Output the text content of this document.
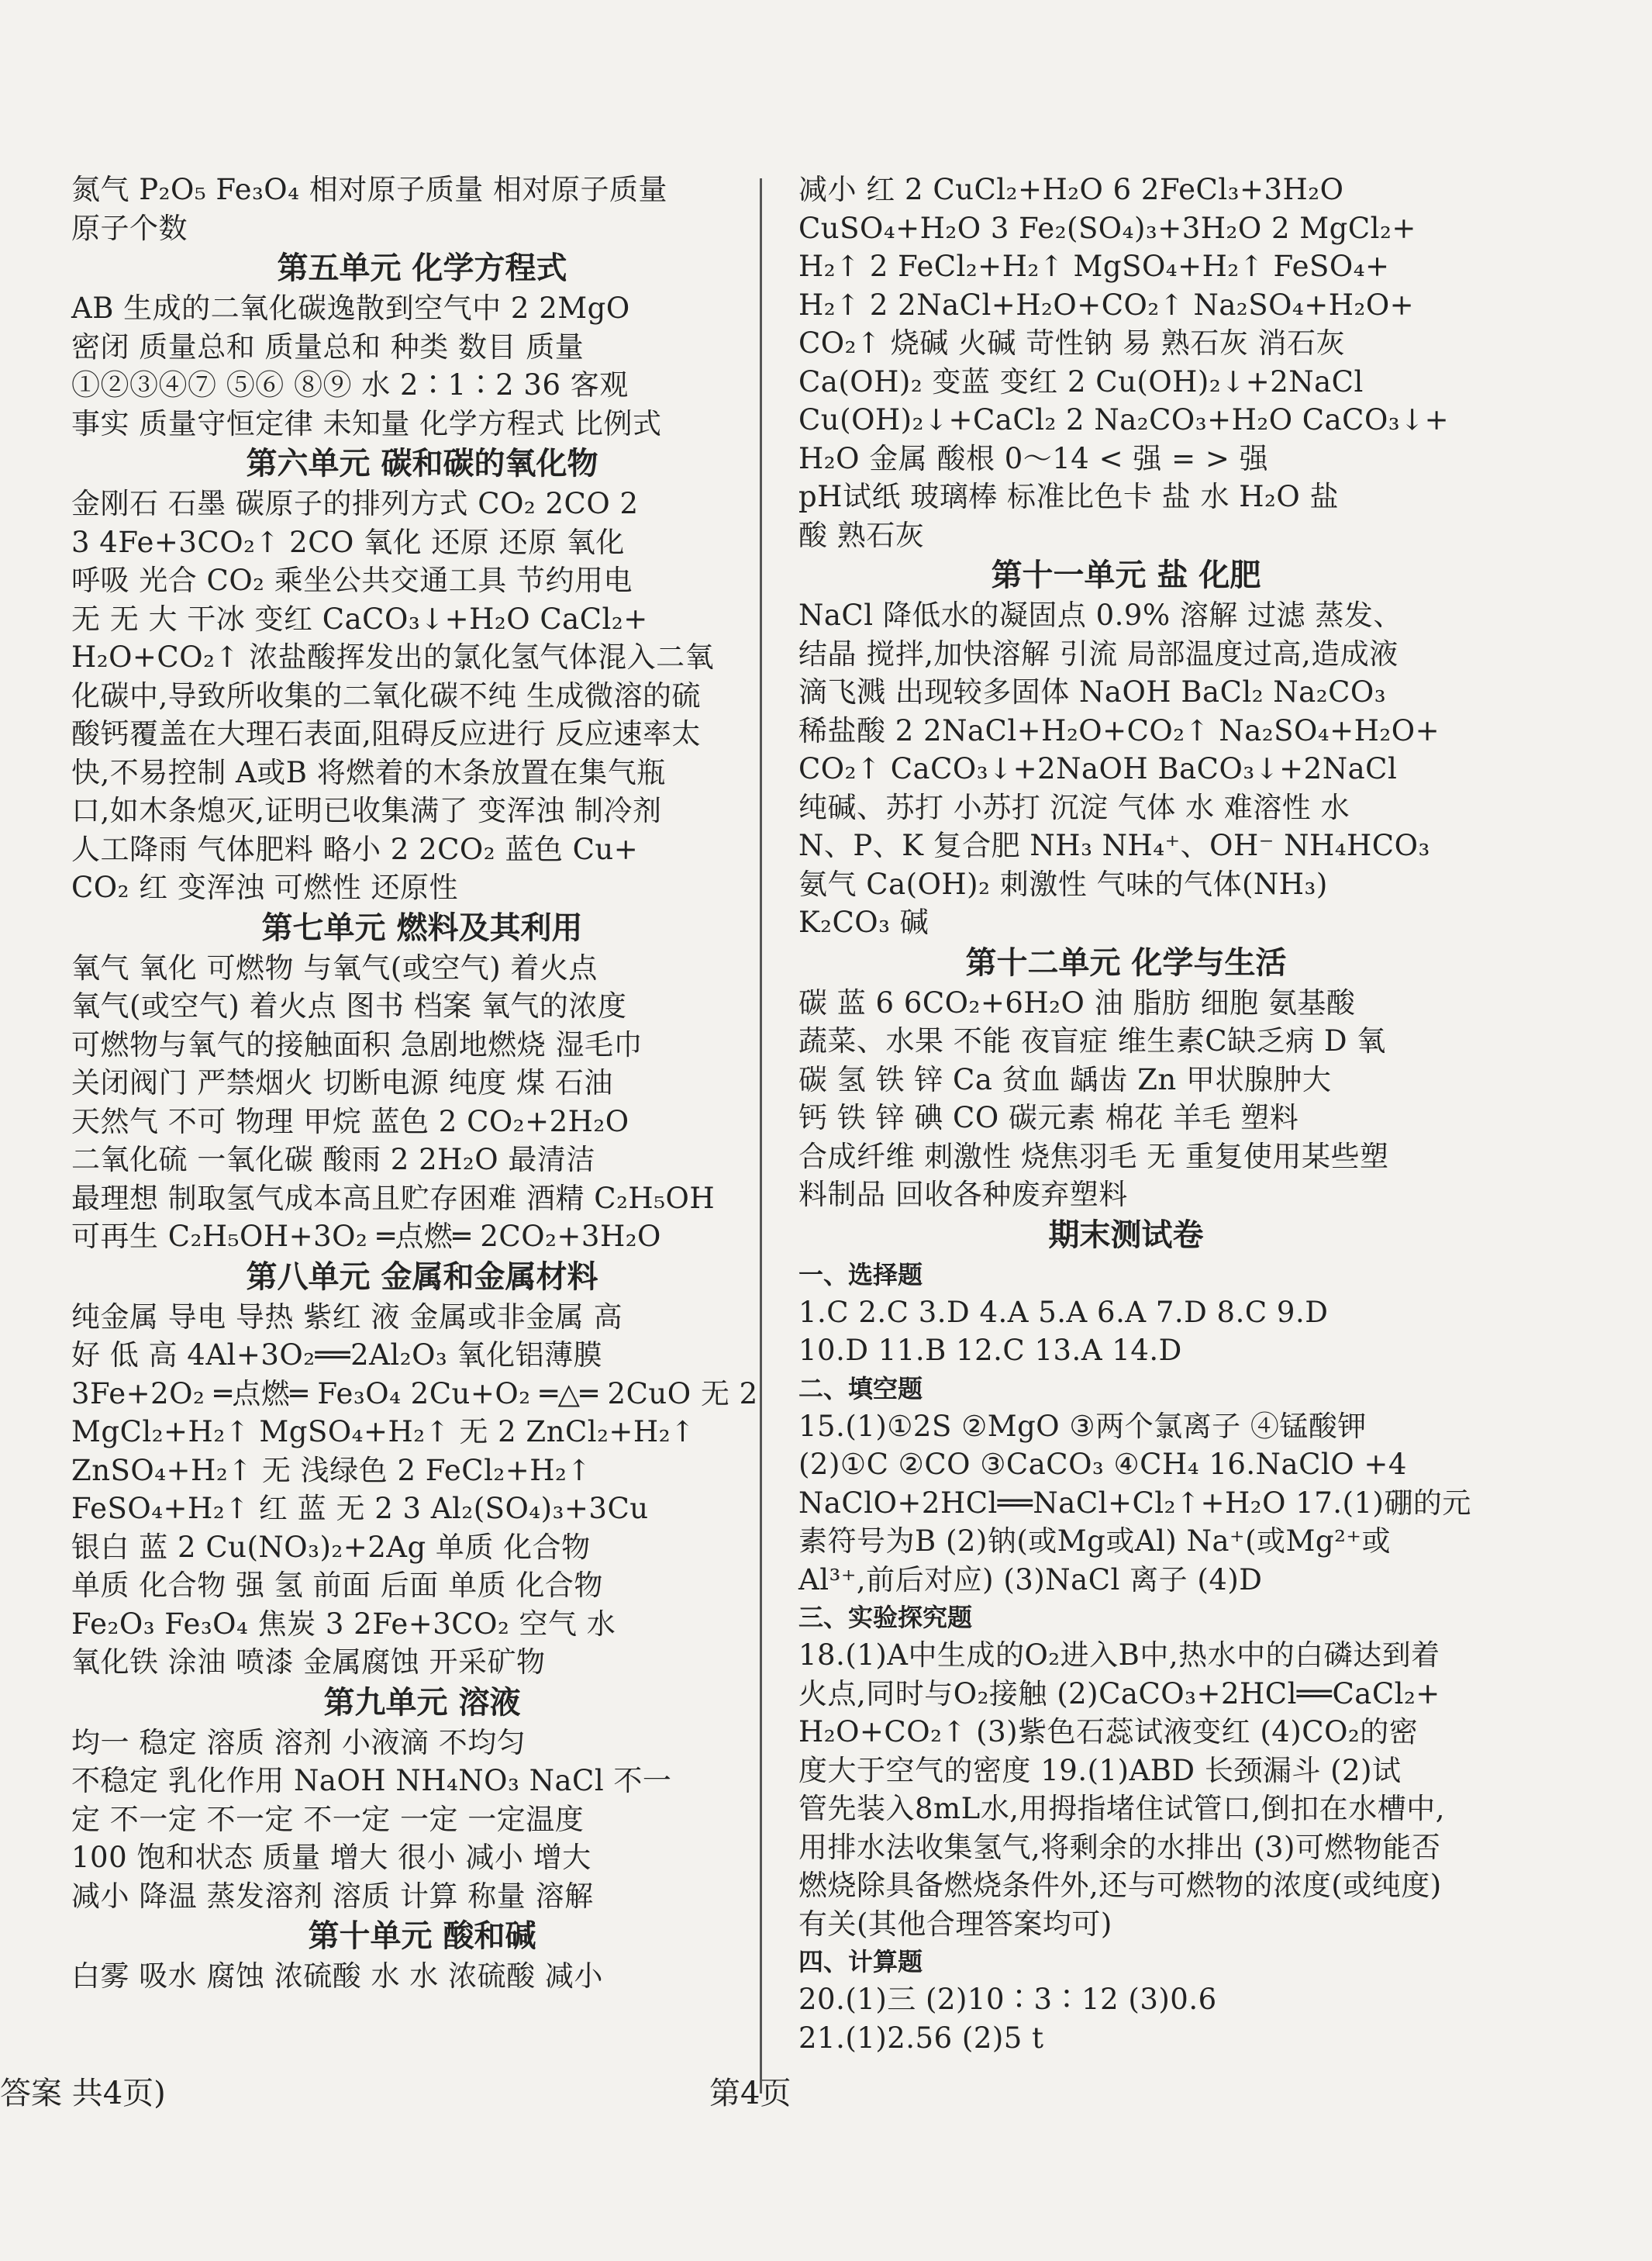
氮气 P₂O₅ Fe₃O₄ 相对原子质量 相对原子质量
原子个数
第五单元 化学方程式
AB 生成的二氧化碳逸散到空气中 2 2MgO
密闭 质量总和 质量总和 种类 数目 质量
①②③④⑦ ⑤⑥ ⑧⑨ 水 2∶1∶2 36 客观
事实 质量守恒定律 未知量 化学方程式 比例式
第六单元 碳和碳的氧化物
金刚石 石墨 碳原子的排列方式 CO₂ 2CO 2
3 4Fe+3CO₂↑ 2CO 氧化 还原 还原 氧化
呼吸 光合 CO₂ 乘坐公共交通工具 节约用电
无 无 大 干冰 变红 CaCO₃↓+H₂O CaCl₂+
H₂O+CO₂↑ 浓盐酸挥发出的氯化氢气体混入二氧
化碳中,导致所收集的二氧化碳不纯 生成微溶的硫
酸钙覆盖在大理石表面,阻碍反应进行 反应速率太
快,不易控制 A或B 将燃着的木条放置在集气瓶
口,如木条熄灭,证明已收集满了 变浑浊 制冷剂
人工降雨 气体肥料 略小 2 2CO₂ 蓝色 Cu+
CO₂ 红 变浑浊 可燃性 还原性
第七单元 燃料及其利用
氧气 氧化 可燃物 与氧气(或空气) 着火点
氧气(或空气) 着火点 图书 档案 氧气的浓度
可燃物与氧气的接触面积 急剧地燃烧 湿毛巾
关闭阀门 严禁烟火 切断电源 纯度 煤 石油
天然气 不可 物理 甲烷 蓝色 2 CO₂+2H₂O
二氧化硫 一氧化碳 酸雨 2 2H₂O 最清洁
最理想 制取氢气成本高且贮存困难 酒精 C₂H₅OH
可再生 C₂H₅OH+3O₂ ═点燃═ 2CO₂+3H₂O
第八单元 金属和金属材料
纯金属 导电 导热 紫红 液 金属或非金属 高
好 低 高 4Al+3O₂══2Al₂O₃ 氧化铝薄膜
3Fe+2O₂ ═点燃═ Fe₃O₄ 2Cu+O₂ ═△═ 2CuO 无 2
MgCl₂+H₂↑ MgSO₄+H₂↑ 无 2 ZnCl₂+H₂↑
ZnSO₄+H₂↑ 无 浅绿色 2 FeCl₂+H₂↑
FeSO₄+H₂↑ 红 蓝 无 2 3 Al₂(SO₄)₃+3Cu
银白 蓝 2 Cu(NO₃)₂+2Ag 单质 化合物
单质 化合物 强 氢 前面 后面 单质 化合物
Fe₂O₃ Fe₃O₄ 焦炭 3 2Fe+3CO₂ 空气 水
氧化铁 涂油 喷漆 金属腐蚀 开采矿物
第九单元 溶液
均一 稳定 溶质 溶剂 小液滴 不均匀
不稳定 乳化作用 NaOH NH₄NO₃ NaCl 不一
定 不一定 不一定 不一定 一定 一定温度
100 饱和状态 质量 增大 很小 减小 增大
减小 降温 蒸发溶剂 溶质 计算 称量 溶解
第十单元 酸和碱
白雾 吸水 腐蚀 浓硫酸 水 水 浓硫酸 减小
减小 红 2 CuCl₂+H₂O 6 2FeCl₃+3H₂O
CuSO₄+H₂O 3 Fe₂(SO₄)₃+3H₂O 2 MgCl₂+
H₂↑ 2 FeCl₂+H₂↑ MgSO₄+H₂↑ FeSO₄+
H₂↑ 2 2NaCl+H₂O+CO₂↑ Na₂SO₄+H₂O+
CO₂↑ 烧碱 火碱 苛性钠 易 熟石灰 消石灰
Ca(OH)₂ 变蓝 变红 2 Cu(OH)₂↓+2NaCl
Cu(OH)₂↓+CaCl₂ 2 Na₂CO₃+H₂O CaCO₃↓+
H₂O 金属 酸根 0～14 < 强 = > 强
pH试纸 玻璃棒 标准比色卡 盐 水 H₂O 盐
酸 熟石灰
第十一单元 盐 化肥
NaCl 降低水的凝固点 0.9% 溶解 过滤 蒸发、
结晶 搅拌,加快溶解 引流 局部温度过高,造成液
滴飞溅 出现较多固体 NaOH BaCl₂ Na₂CO₃
稀盐酸 2 2NaCl+H₂O+CO₂↑ Na₂SO₄+H₂O+
CO₂↑ CaCO₃↓+2NaOH BaCO₃↓+2NaCl
纯碱、苏打 小苏打 沉淀 气体 水 难溶性 水
N、P、K 复合肥 NH₃ NH₄⁺、OH⁻ NH₄HCO₃
氨气 Ca(OH)₂ 刺激性 气味的气体(NH₃)
K₂CO₃ 碱
第十二单元 化学与生活
碳 蓝 6 6CO₂+6H₂O 油 脂肪 细胞 氨基酸
蔬菜、水果 不能 夜盲症 维生素C缺乏病 D 氧
碳 氢 铁 锌 Ca 贫血 龋齿 Zn 甲状腺肿大
钙 铁 锌 碘 CO 碳元素 棉花 羊毛 塑料
合成纤维 刺激性 烧焦羽毛 无 重复使用某些塑
料制品 回收各种废弃塑料
期末测试卷
一、选择题
1.C 2.C 3.D 4.A 5.A 6.A 7.D 8.C 9.D
10.D 11.B 12.C 13.A 14.D
二、填空题
15.(1)①2S ②MgO ③两个氯离子 ④锰酸钾
(2)①C ②CO ③CaCO₃ ④CH₄ 16.NaClO +4
NaClO+2HCl══NaCl+Cl₂↑+H₂O 17.(1)硼的元
素符号为B (2)钠(或Mg或Al) Na⁺(或Mg²⁺或
Al³⁺,前后对应) (3)NaCl 离子 (4)D
三、实验探究题
18.(1)A中生成的O₂进入B中,热水中的白磷达到着
火点,同时与O₂接触 (2)CaCO₃+2HCl══CaCl₂+
H₂O+CO₂↑ (3)紫色石蕊试液变红 (4)CO₂的密
度大于空气的密度 19.(1)ABD 长颈漏斗 (2)试
管先装入8mL水,用拇指堵住试管口,倒扣在水槽中,
用排水法收集氢气,将剩余的水排出 (3)可燃物能否
燃烧除具备燃烧条件外,还与可燃物的浓度(或纯度)
有关(其他合理答案均可)
四、计算题
20.(1)三 (2)10∶3∶12 (3)0.6
21.(1)2.56 (2)5 t
答案 共4页)	第4页
